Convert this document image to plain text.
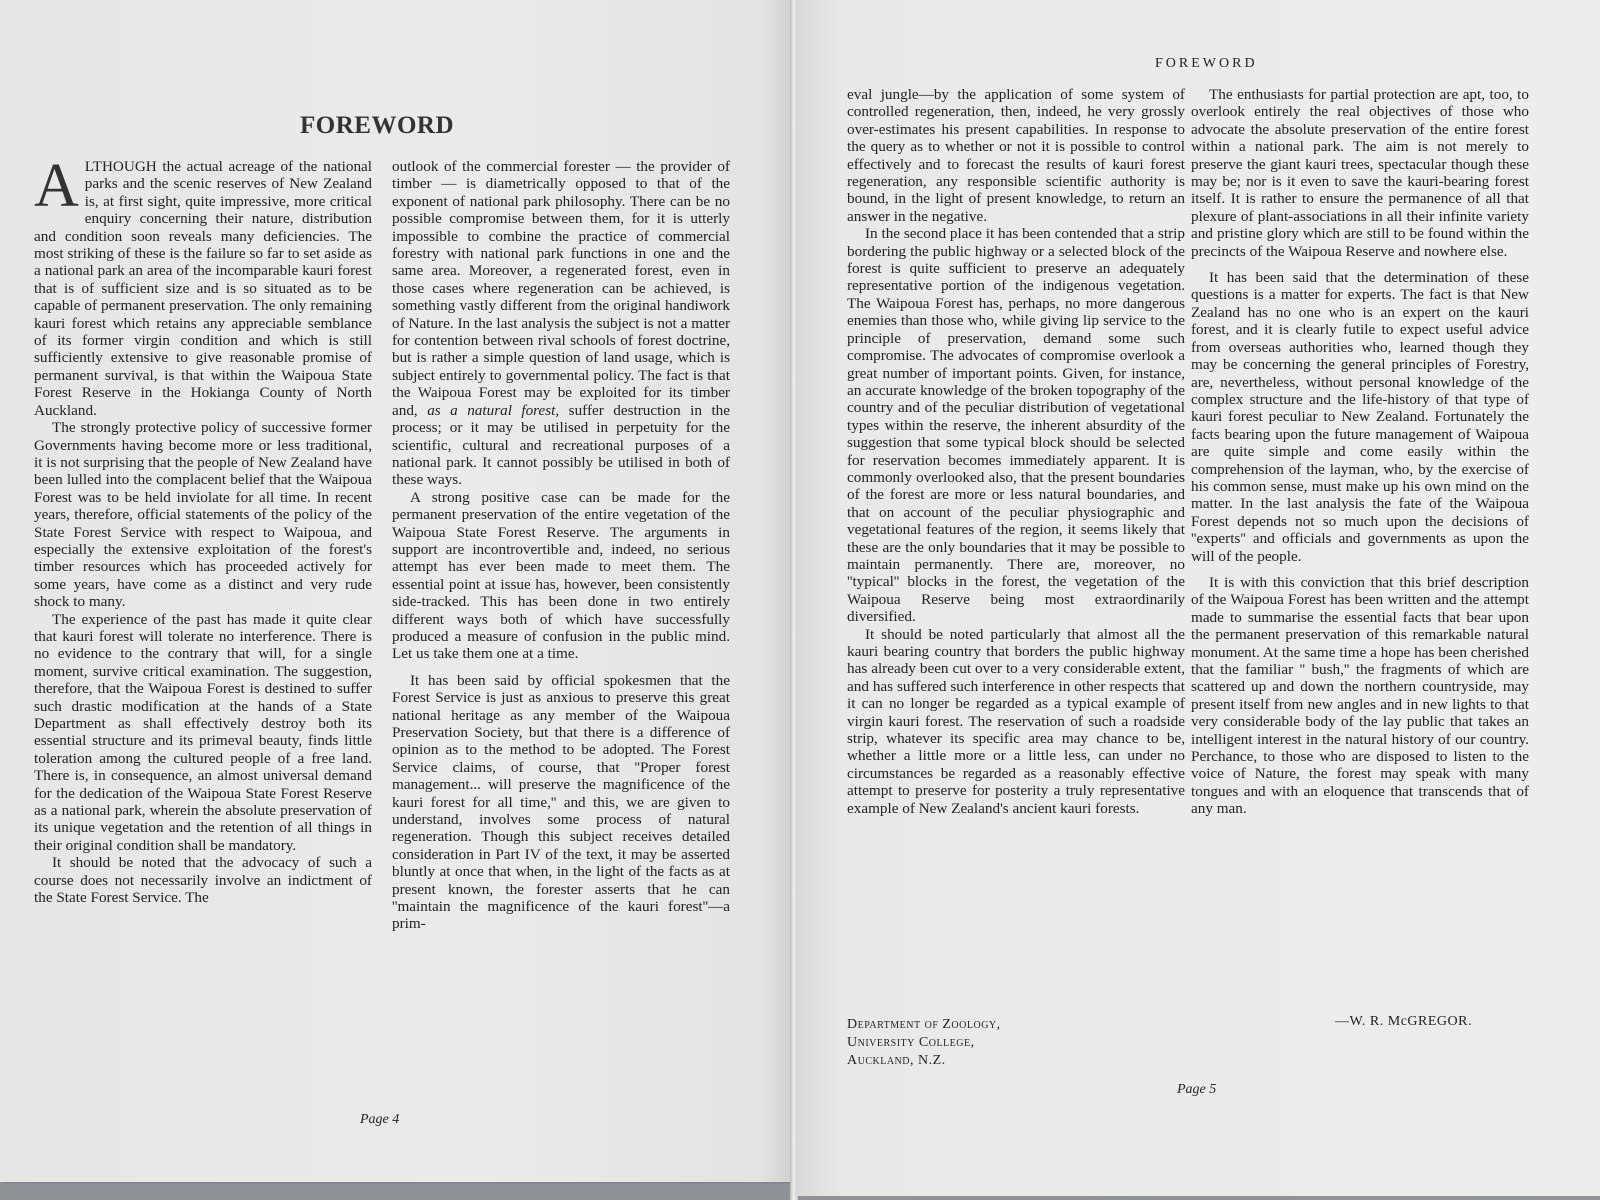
FOREWORD

ALTHOUGH the actual acreage of the national parks and the scenic reserves of New Zealand is, at first sight, quite impressive, more critical enquiry concerning their nature, distribution and condition soon reveals many deficiencies. The most striking of these is the failure so far to set aside as a national park an area of the incomparable kauri forest that is of sufficient size and is so situated as to be capable of permanent preservation. The only remaining kauri forest which retains any appreciable semblance of its former virgin condition and which is still sufficiently extensive to give reasonable promise of permanent survival, is that within the Waipoua State Forest Reserve in the Hokianga County of North Auckland.

The strongly protective policy of successive former Governments having become more or less traditional, it is not surprising that the people of New Zealand have been lulled into the complacent belief that the Waipoua Forest was to be held inviolate for all time. In recent years, therefore, official statements of the policy of the State Forest Service with respect to Waipoua, and especially the extensive exploitation of the forest's timber resources which has proceeded actively for some years, have come as a distinct and very rude shock to many.

The experience of the past has made it quite clear that kauri forest will tolerate no interference. There is no evidence to the contrary that will, for a single moment, survive critical examination. The suggestion, therefore, that the Waipoua Forest is destined to suffer such drastic modification at the hands of a State Department as shall effectively destroy both its essential structure and its primeval beauty, finds little toleration among the cultured people of a free land. There is, in consequence, an almost universal demand for the dedication of the Waipoua State Forest Reserve as a national park, wherein the absolute preservation of its unique vegetation and the retention of all things in their original condition shall be mandatory.

It should be noted that the advocacy of such a course does not necessarily involve an indictment of the State Forest Service. The

outlook of the commercial forester — the provider of timber — is diametrically opposed to that of the exponent of national park philosophy. There can be no possible compromise between them, for it is utterly impossible to combine the practice of commercial forestry with national park functions in one and the same area. Moreover, a regenerated forest, even in those cases where regeneration can be achieved, is something vastly different from the original handiwork of Nature. In the last analysis the subject is not a matter for contention between rival schools of forest doctrine, but is rather a simple question of land usage, which is subject entirely to governmental policy. The fact is that the Waipoua Forest may be exploited for its timber and, as a natural forest, suffer destruction in the process; or it may be utilised in perpetuity for the scientific, cultural and recreational purposes of a national park. It cannot possibly be utilised in both of these ways.

A strong positive case can be made for the permanent preservation of the entire vegetation of the Waipoua State Forest Reserve. The arguments in support are incontrovertible and, indeed, no serious attempt has ever been made to meet them. The essential point at issue has, however, been consistently side-tracked. This has been done in two entirely different ways both of which have successfully produced a measure of confusion in the public mind. Let us take them one at a time.

It has been said by official spokesmen that the Forest Service is just as anxious to preserve this great national heritage as any member of the Waipoua Preservation Society, but that there is a difference of opinion as to the method to be adopted. The Forest Service claims, of course, that ''Proper forest management... will preserve the magnificence of the kauri forest for all time,'' and this, we are given to understand, involves some process of natural regeneration. Though this subject receives detailed consideration in Part IV of the text, it may be asserted bluntly at once that when, in the light of the facts as at present known, the forester asserts that he can ''maintain the magnificence of the kauri forest''—a prim-

Page 4
FOREWORD

eval jungle—by the application of some system of controlled regeneration, then, indeed, he very grossly over-estimates his present capabilities. In response to the query as to whether or not it is possible to control effectively and to forecast the results of kauri forest regeneration, any responsible scientific authority is bound, in the light of present knowledge, to return an answer in the negative.

In the second place it has been contended that a strip bordering the public highway or a selected block of the forest is quite sufficient to preserve an adequately representative portion of the indigenous vegetation. The Waipoua Forest has, perhaps, no more dangerous enemies than those who, while giving lip service to the principle of preservation, demand some such compromise. The advocates of compromise overlook a great number of important points. Given, for instance, an accurate knowledge of the broken topography of the country and of the peculiar distribution of vegetational types within the reserve, the inherent absurdity of the suggestion that some typical block should be selected for reservation becomes immediately apparent. It is commonly overlooked also, that the present boundaries of the forest are more or less natural boundaries, and that on account of the peculiar physiographic and vegetational features of the region, it seems likely that these are the only boundaries that it may be possible to maintain permanently. There are, moreover, no ''typical'' blocks in the forest, the vegetation of the Waipoua Reserve being most extraordinarily diversified.

It should be noted particularly that almost all the kauri bearing country that borders the public highway has already been cut over to a very considerable extent, and has suffered such interference in other respects that it can no longer be regarded as a typical example of virgin kauri forest. The reservation of such a roadside strip, whatever its specific area may chance to be, whether a little more or a little less, can under no circumstances be regarded as a reasonably effective attempt to preserve for posterity a truly representative example of New Zealand's ancient kauri forests.

The enthusiasts for partial protection are apt, too, to overlook entirely the real objectives of those who advocate the absolute preservation of the entire forest within a national park. The aim is not merely to preserve the giant kauri trees, spectacular though these may be; nor is it even to save the kauri-bearing forest itself. It is rather to ensure the permanence of all that plexure of plant-associations in all their infinite variety and pristine glory which are still to be found within the precincts of the Waipoua Reserve and nowhere else.

It has been said that the determination of these questions is a matter for experts. The fact is that New Zealand has no one who is an expert on the kauri forest, and it is clearly futile to expect useful advice from overseas authorities who, learned though they may be concerning the general principles of Forestry, are, nevertheless, without personal knowledge of the complex structure and the life-history of that type of kauri forest peculiar to New Zealand. Fortunately the facts bearing upon the future management of Waipoua are quite simple and come easily within the comprehension of the layman, who, by the exercise of his common sense, must make up his own mind on the matter. In the last analysis the fate of the Waipoua Forest depends not so much upon the decisions of ''experts'' and officials and governments as upon the will of the people.

It is with this conviction that this brief description of the Waipoua Forest has been written and the attempt made to summarise the essential facts that bear upon the permanent preservation of this remarkable natural monument. At the same time a hope has been cherished that the familiar '' bush,'' the fragments of which are scattered up and down the northern countryside, may present itself from new angles and in new lights to that very considerable body of the lay public that takes an intelligent interest in the natural history of our country. Perchance, to those who are disposed to listen to the voice of Nature, the forest may speak with many tongues and with an eloquence that transcends that of any man.

Department of Zoology,
University College,
Auckland, N.Z.
—W. R. McGREGOR.
Page 5
